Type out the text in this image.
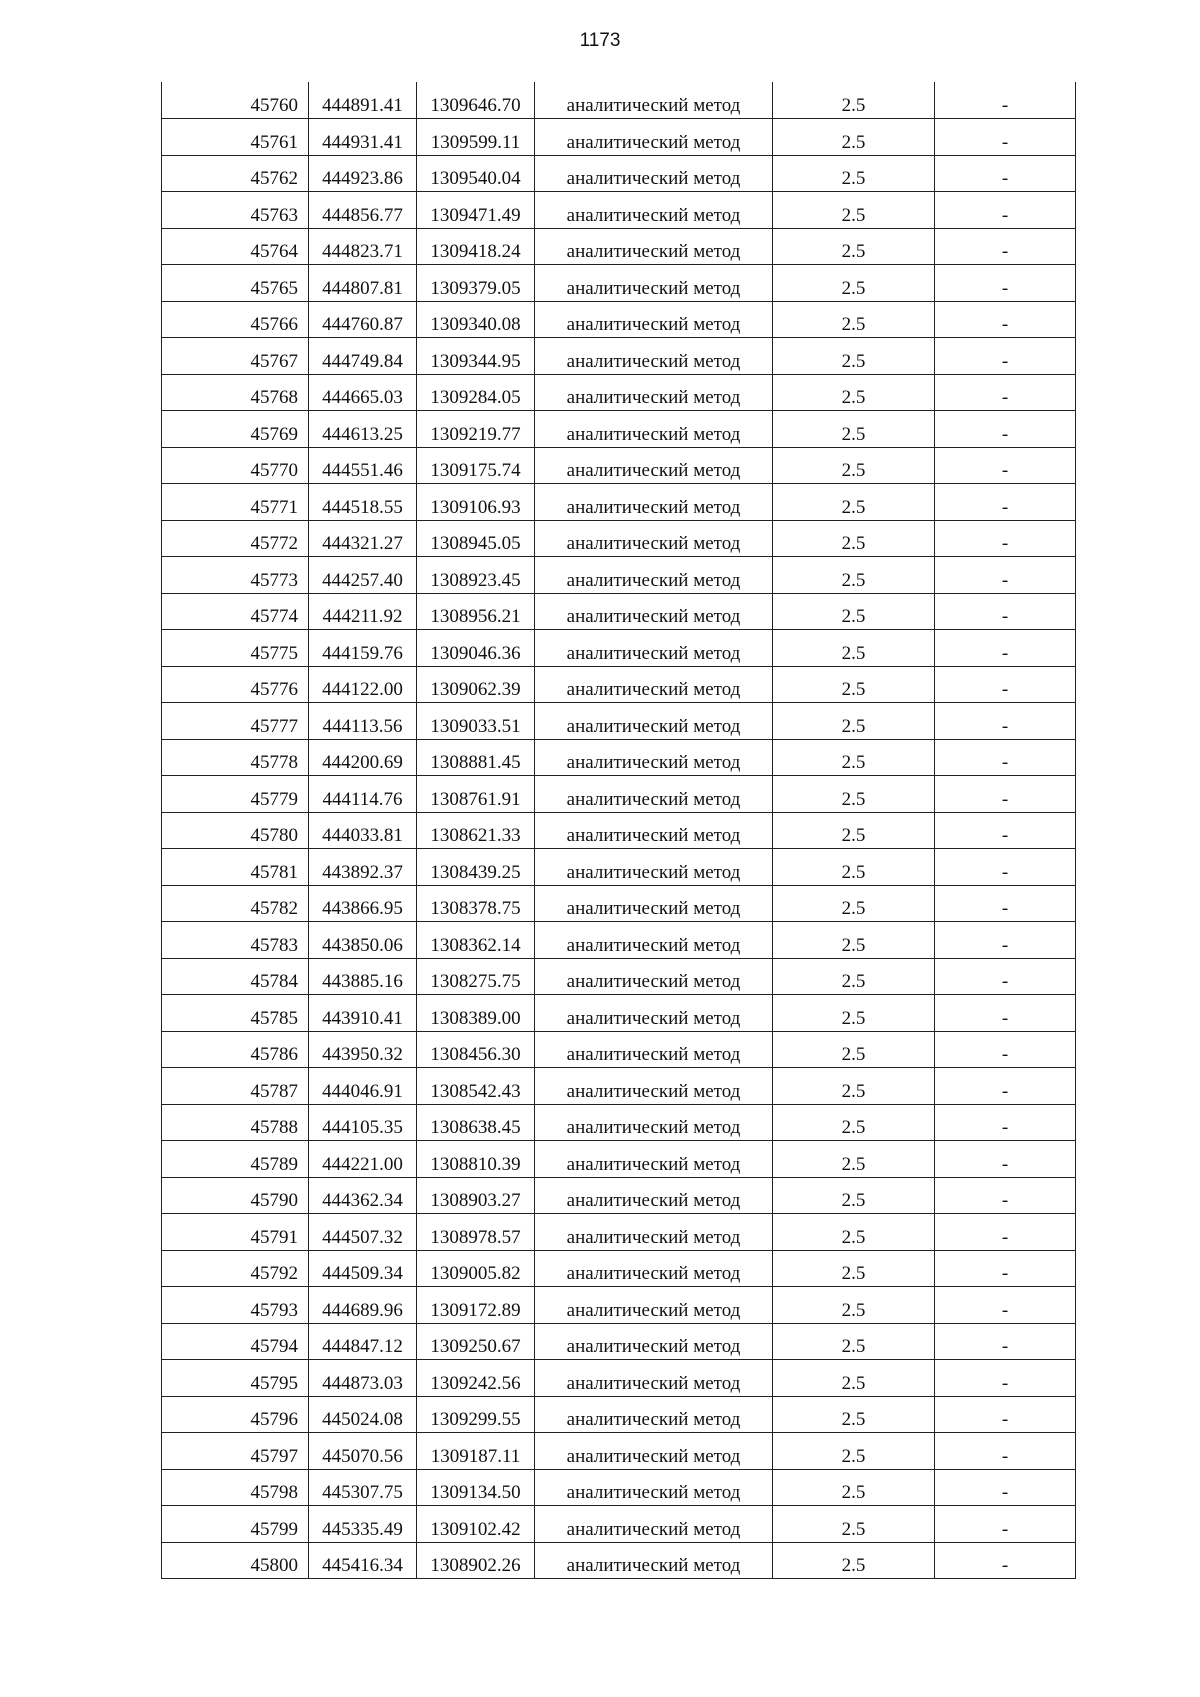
1173
45760	444891.41	1309646.70	аналитический метод	2.5	-
45761	444931.41	1309599.11	аналитический метод	2.5	-
45762	444923.86	1309540.04	аналитический метод	2.5	-
45763	444856.77	1309471.49	аналитический метод	2.5	-
45764	444823.71	1309418.24	аналитический метод	2.5	-
45765	444807.81	1309379.05	аналитический метод	2.5	-
45766	444760.87	1309340.08	аналитический метод	2.5	-
45767	444749.84	1309344.95	аналитический метод	2.5	-
45768	444665.03	1309284.05	аналитический метод	2.5	-
45769	444613.25	1309219.77	аналитический метод	2.5	-
45770	444551.46	1309175.74	аналитический метод	2.5	-
45771	444518.55	1309106.93	аналитический метод	2.5	-
45772	444321.27	1308945.05	аналитический метод	2.5	-
45773	444257.40	1308923.45	аналитический метод	2.5	-
45774	444211.92	1308956.21	аналитический метод	2.5	-
45775	444159.76	1309046.36	аналитический метод	2.5	-
45776	444122.00	1309062.39	аналитический метод	2.5	-
45777	444113.56	1309033.51	аналитический метод	2.5	-
45778	444200.69	1308881.45	аналитический метод	2.5	-
45779	444114.76	1308761.91	аналитический метод	2.5	-
45780	444033.81	1308621.33	аналитический метод	2.5	-
45781	443892.37	1308439.25	аналитический метод	2.5	-
45782	443866.95	1308378.75	аналитический метод	2.5	-
45783	443850.06	1308362.14	аналитический метод	2.5	-
45784	443885.16	1308275.75	аналитический метод	2.5	-
45785	443910.41	1308389.00	аналитический метод	2.5	-
45786	443950.32	1308456.30	аналитический метод	2.5	-
45787	444046.91	1308542.43	аналитический метод	2.5	-
45788	444105.35	1308638.45	аналитический метод	2.5	-
45789	444221.00	1308810.39	аналитический метод	2.5	-
45790	444362.34	1308903.27	аналитический метод	2.5	-
45791	444507.32	1308978.57	аналитический метод	2.5	-
45792	444509.34	1309005.82	аналитический метод	2.5	-
45793	444689.96	1309172.89	аналитический метод	2.5	-
45794	444847.12	1309250.67	аналитический метод	2.5	-
45795	444873.03	1309242.56	аналитический метод	2.5	-
45796	445024.08	1309299.55	аналитический метод	2.5	-
45797	445070.56	1309187.11	аналитический метод	2.5	-
45798	445307.75	1309134.50	аналитический метод	2.5	-
45799	445335.49	1309102.42	аналитический метод	2.5	-
45800	445416.34	1308902.26	аналитический метод	2.5	-
